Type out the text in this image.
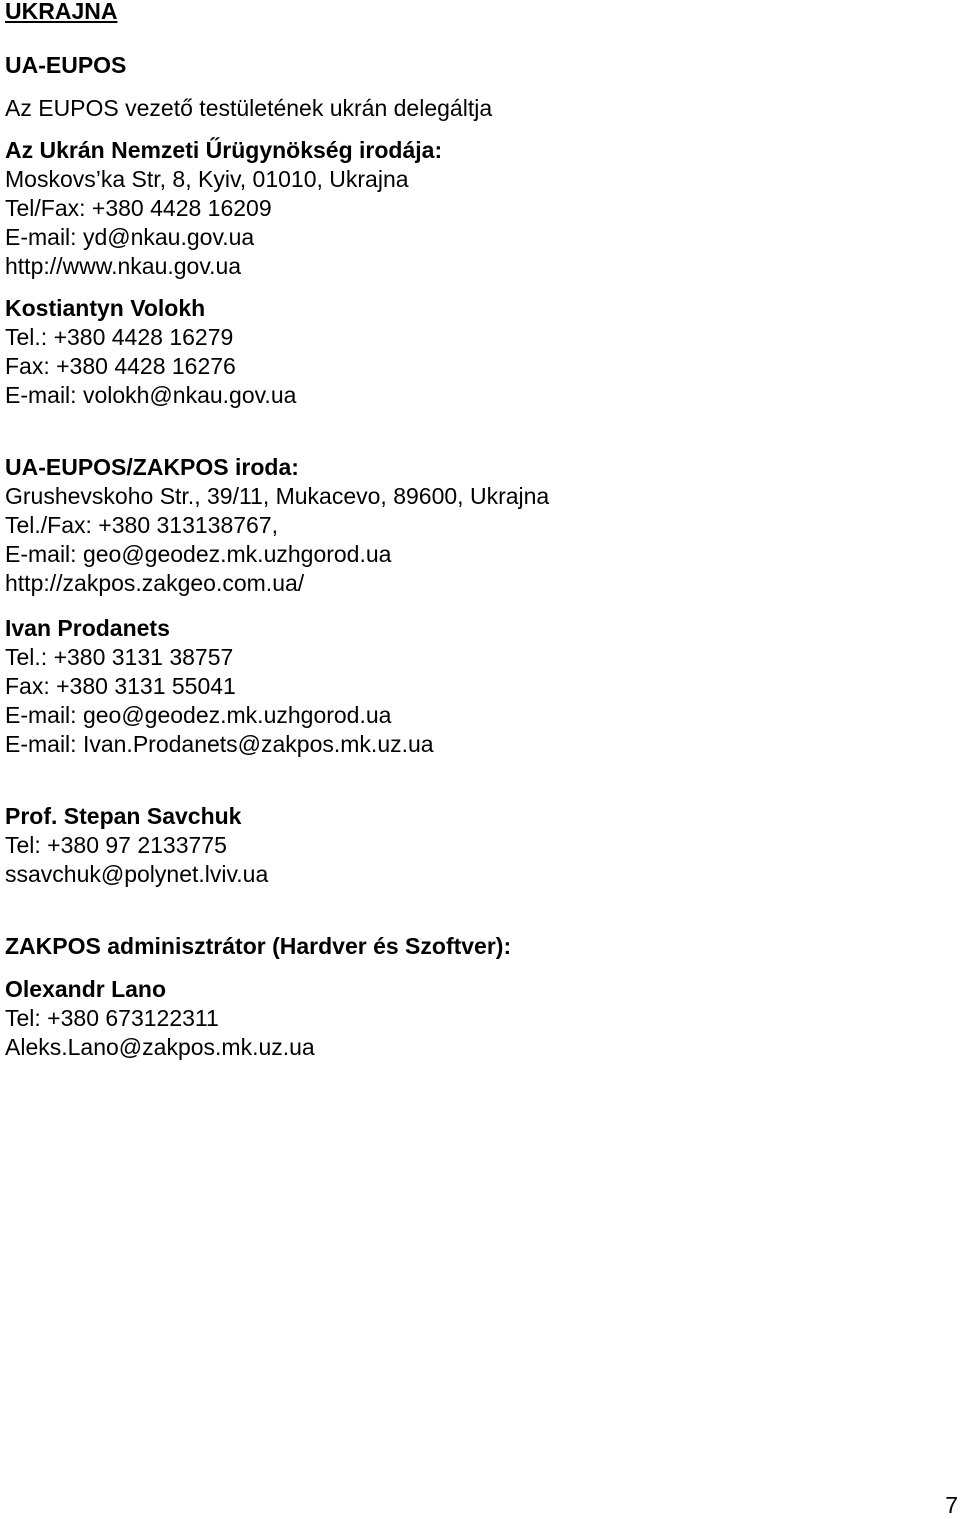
UKRAJNA
UA-EUPOS
Az EUPOS vezető testületének ukrán delegáltja
Az Ukrán Nemzeti Űrügynökség irodája:
Moskovs’ka Str, 8, Kyiv, 01010, Ukrajna
Tel/Fax: +380 4428 16209
E-mail: yd@nkau.gov.ua
http://www.nkau.gov.ua
Kostiantyn Volokh
Tel.: +380 4428 16279
Fax: +380 4428 16276
E-mail: volokh@nkau.gov.ua
UA-EUPOS/ZAKPOS iroda:
Grushevskoho Str., 39/11, Mukacevo, 89600, Ukrajna
Tel./Fax: +380 313138767,
E-mail: geo@geodez.mk.uzhgorod.ua
http://zakpos.zakgeo.com.ua/
Ivan Prodanets
Tel.: +380 3131 38757
Fax: +380 3131 55041
E-mail: geo@geodez.mk.uzhgorod.ua
E-mail: Ivan.Prodanets@zakpos.mk.uz.ua
Prof. Stepan Savchuk
Tel: +380 97 2133775
ssavchuk@polynet.lviv.ua
ZAKPOS adminisztrátor (Hardver és Szoftver):
Olexandr Lano
Tel: +380 673122311
Aleks.Lano@zakpos.mk.uz.ua
7
